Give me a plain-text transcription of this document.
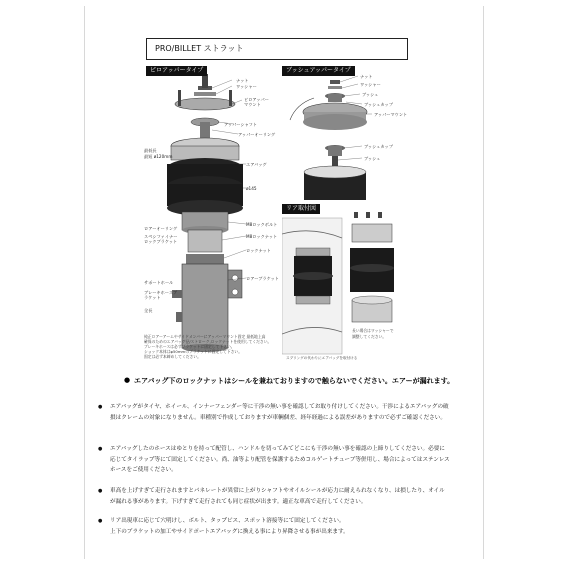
PRO/BILLET ストラット
ピロアッパータイプ
ナット
ワッシャー
ピロアッパーマウント
アッパーシャフト
アッパーオーリング
エアバッグ
ø145
M8ロックボルト
M8ロックナット
ロックナット
ロアーブラケット
最低長
最短 ø120mm
ロアーオーリング
スペシファイナーロックブラケット
サポートホール
ブレーキホースブラケット
全長
純正ロアーアームやサイドメンバーにアッパーマウント固定 最低地上高
確保のためのエアバッグ径/ストローク,ロックナットを使用してください。
ブレーキホースは必ずブラケットに固定して下さい。
ショック本体はφ50mmのブラケットに固定して下さい。
固定は必ず本締めしてください。
ブッシュアッパータイプ
ナット
ワッシャー
ブッシュ
ブッシュカップ
アッパーマウント
ブッシュカップ
ブッシュ
リア取付図
スプリングの代わりにエアバッグを取付ける
長い場合はワッシャーで
調整してください。
● エアバッグ下のロックナットはシールを兼ねておりますので触らないでください。エアーが漏れます。
● エアバッグがタイヤ、ホイール、インナーフェンダー等に干渉の無い事を確認してお取り付けしてください。干渉によるエアバッグの破
損はクレームの対象になりません。車種別で作成しておりますが車輌個差、経年経過による誤差がありますので必ずご確認ください。
● エアバッグしたのホースはゆとりを持って配管し、ハンドルを切ってみてどこにも干渉の無い事を確認の上締りしてください。必要に
応じてタイラップ等にて固定してください。尚、油等より配管を保護するためコルゲートチューブ等併用し、場合によってはステンレス
ホースをご使用ください。
● 車高を上げすぎて走行されますとパネレートが異常に上がりシャフトやオイルシールが応力に耐えられなくなり、は損したり、オイル
が漏れる事があります。下げすぎて走行されても同じ症状が出ます。適正な車高で走行してください。
● リア出現車に応じて穴明けし、ボルト、タップビス、スポット溶接等にて固定してください。
上下のブラケットの加工やサイドポートエアバッグに換える事により昇降させる事が出来ます。
